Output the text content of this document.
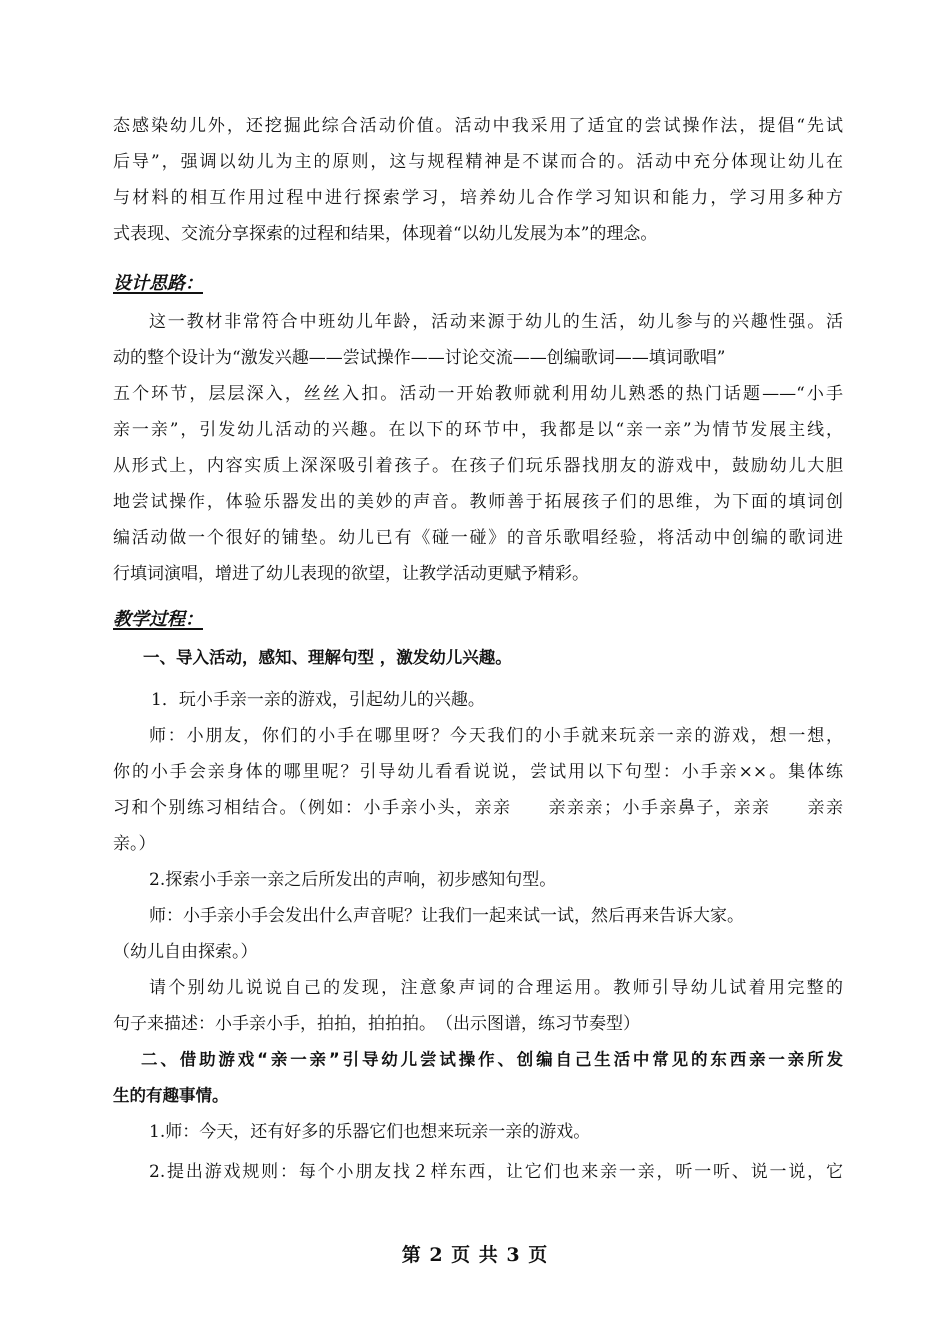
态感染幼儿外，还挖掘此综合活动价值。活动中我采用了适宜的尝试操作法，提倡“先试
后导”，强调以幼儿为主的原则，这与规程精神是不谋而合的。活动中充分体现让幼儿在
与材料的相互作用过程中进行探索学习，培养幼儿合作学习知识和能力，学习用多种方
式表现、交流分享探索的过程和结果，体现着“以幼儿发展为本”的理念。
设计思路：
这一教材非常符合中班幼儿年龄，活动来源于幼儿的生活，幼儿参与的兴趣性强。活
动的整个设计为“激发兴趣——尝试操作——讨论交流——创编歌词——填词歌唱”
五个环节，层层深入，丝丝入扣。活动一开始教师就利用幼儿熟悉的热门话题——“小手
亲一亲”，引发幼儿活动的兴趣。在以下的环节中，我都是以“亲一亲”为情节发展主线，
从形式上，内容实质上深深吸引着孩子。在孩子们玩乐器找朋友的游戏中，鼓励幼儿大胆
地尝试操作，体验乐器发出的美妙的声音。教师善于拓展孩子们的思维，为下面的填词创
编活动做一个很好的铺垫。幼儿已有《碰一碰》的音乐歌唱经验，将活动中创编的歌词进
行填词演唱，增进了幼儿表现的欲望，让教学活动更赋予精彩。
教学过程：
一、导入活动，感知、理解句型 ，激发幼儿兴趣。
1．玩小手亲一亲的游戏，引起幼儿的兴趣。
师：小朋友，你们的小手在哪里呀？今天我们的小手就来玩亲一亲的游戏，想一想，
你的小手会亲身体的哪里呢？引导幼儿看看说说，尝试用以下句型：小手亲××。集体练
习和个别练习相结合。（例如：小手亲小头，亲亲　　亲亲亲；小手亲鼻子，亲亲　　亲亲
亲。）
2.探索小手亲一亲之后所发出的声响，初步感知句型。
师：小手亲小手会发出什么声音呢？让我们一起来试一试，然后再来告诉大家。
（幼儿自由探索。）
请个别幼儿说说自己的发现，注意象声词的合理运用。教师引导幼儿试着用完整的
句子来描述：小手亲小手，拍拍，拍拍拍。　（出示图谱，练习节奏型）
二、借助游戏“亲一亲”引导幼儿尝试操作、创编自己生活中常见的东西亲一亲所发
生的有趣事情。
1.师：今天，还有好多的乐器它们也想来玩亲一亲的游戏。
2.提出游戏规则：每个小朋友找２样东西，让它们也来亲一亲，听一听、说一说，它
第 2 页 共 3 页
